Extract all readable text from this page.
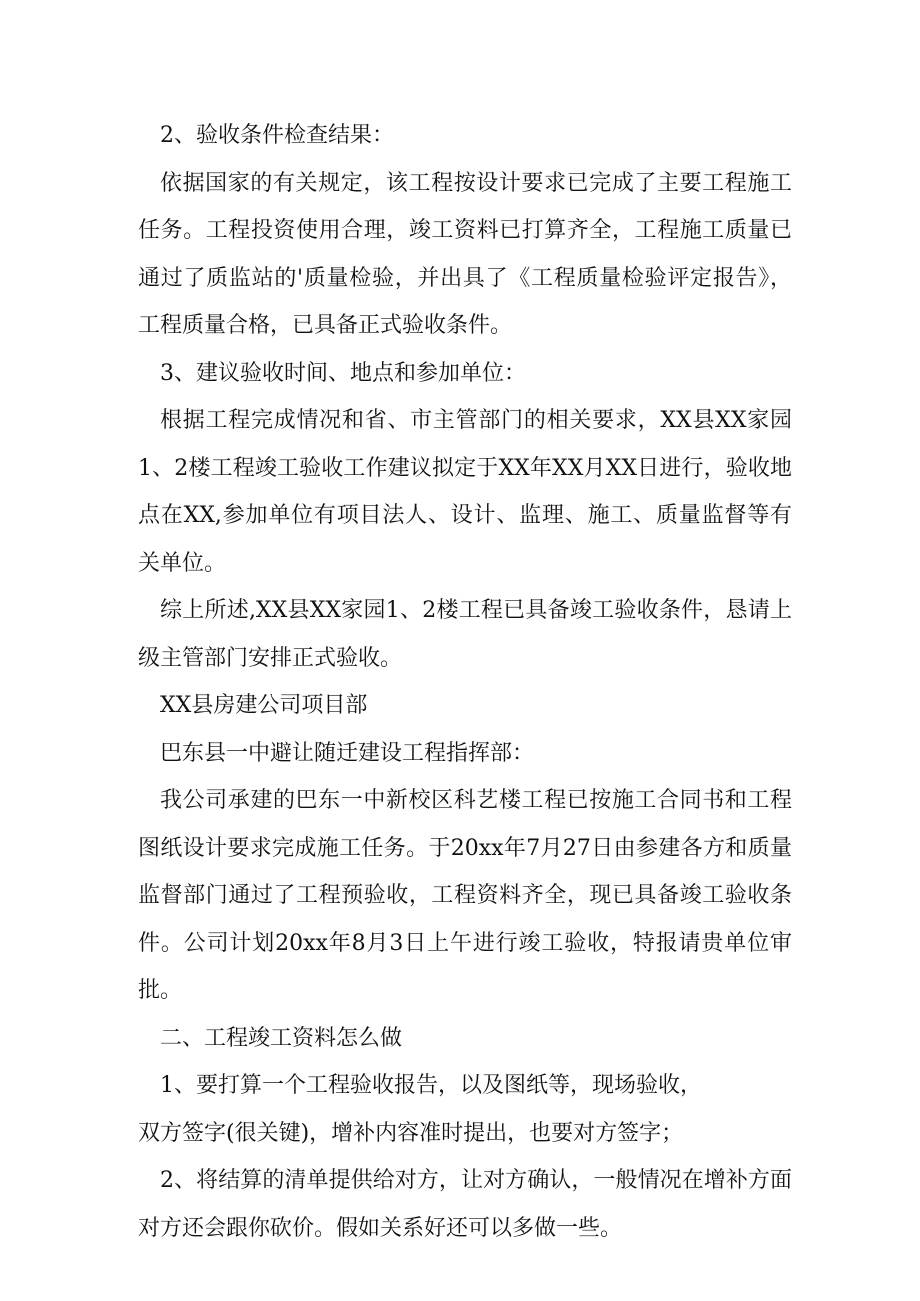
2、验收条件检查结果：

依据国家的有关规定，该工程按设计要求已完成了主要工程施工任务。工程投资使用合理，竣工资料已打算齐全，工程施工质量已通过了质监站的'质量检验，并出具了《工程质量检验评定报告》，工程质量合格，已具备正式验收条件。

3、建议验收时间、地点和参加单位：

根据工程完成情况和省、市主管部门的相关要求，XX县XX家园1、2楼工程竣工验收工作建议拟定于XX年XX月XX日进行，验收地点在XX,参加单位有项目法人、设计、监理、施工、质量监督等有关单位。

综上所述,XX县XX家园1、2楼工程已具备竣工验收条件，恳请上级主管部门安排正式验收。

XX县房建公司项目部

巴东县一中避让随迁建设工程指挥部：

我公司承建的巴东一中新校区科艺楼工程已按施工合同书和工程图纸设计要求完成施工任务。于20xx年7月27日由参建各方和质量监督部门通过了工程预验收，工程资料齐全，现已具备竣工验收条件。公司计划20xx年8月3日上午进行竣工验收，特报请贵单位审批。

二、工程竣工资料怎么做

1、要打算一个工程验收报告，以及图纸等，现场验收，

双方签字(很关键)，增补内容准时提出，也要对方签字；

2、将结算的清单提供给对方，让对方确认，一般情况在增补方面对方还会跟你砍价。假如关系好还可以多做一些。
